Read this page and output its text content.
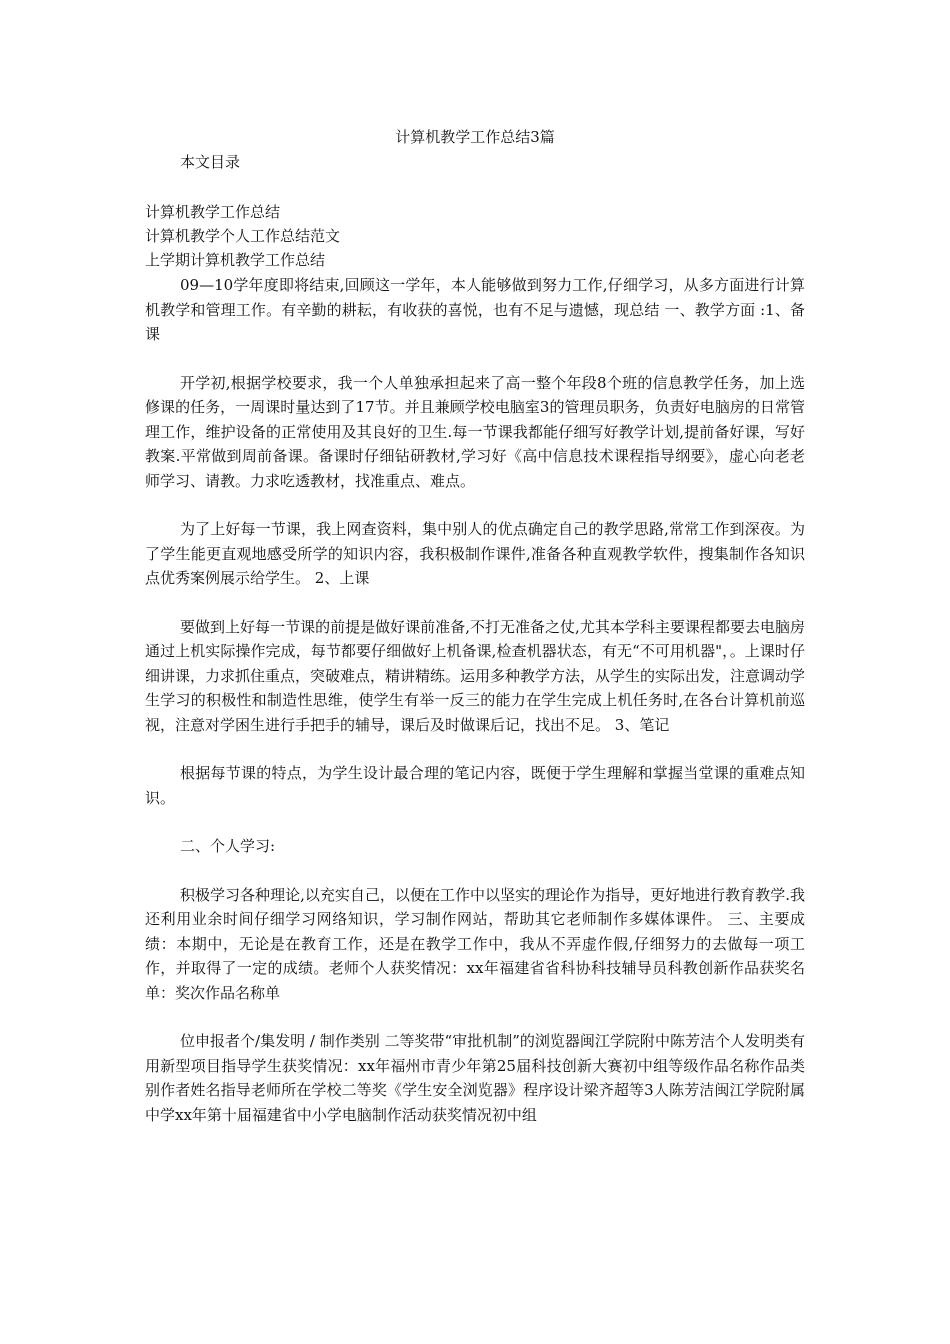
计算机教学工作总结3篇

本文目录

计算机教学工作总结
计算机教学个人工作总结范文
上学期计算机教学工作总结

09—10学年度即将结束,回顾这一学年，本人能够做到努力工作,仔细学习，从多方面进行计算机教学和管理工作。有辛勤的耕耘，有收获的喜悦，也有不足与遗憾，现总结 一、教学方面 :1、备课

开学初,根据学校要求，我一个人单独承担起来了高一整个年段8个班的信息教学任务，加上选修课的任务，一周课时量达到了17节。并且兼顾学校电脑室3的管理员职务，负责好电脑房的日常管理工作，维护设备的正常使用及其良好的卫生.每一节课我都能仔细写好教学计划,提前备好课，写好教案.平常做到周前备课。备课时仔细钻研教材,学习好《高中信息技术课程指导纲要》，虚心向老老师学习、请教。力求吃透教材，找准重点、难点。

为了上好每一节课，我上网查资料，集中别人的优点确定自己的教学思路,常常工作到深夜。为了学生能更直观地感受所学的知识内容，我积极制作课件,准备各种直观教学软件，搜集制作各知识点优秀案例展示给学生。 2、上课

要做到上好每一节课的前提是做好课前准备,不打无准备之仗,尤其本学科主要课程都要去电脑房通过上机实际操作完成，每节都要仔细做好上机备课,检查机器状态，有无“不可用机器"，。上课时仔细讲课，力求抓住重点，突破难点，精讲精练。运用多种教学方法，从学生的实际出发，注意调动学生学习的积极性和制造性思维，使学生有举一反三的能力在学生完成上机任务时,在各台计算机前巡视，注意对学困生进行手把手的辅导，课后及时做课后记，找出不足。 3、笔记

根据每节课的特点，为学生设计最合理的笔记内容，既便于学生理解和掌握当堂课的重难点知识。

二、个人学习:

积极学习各种理论,以充实自己，以便在工作中以坚实的理论作为指导，更好地进行教育教学.我还利用业余时间仔细学习网络知识，学习制作网站，帮助其它老师制作多媒体课件。 三、主要成绩：本期中，无论是在教育工作，还是在教学工作中，我从不弄虚作假,仔细努力的去做每一项工作，并取得了一定的成绩。老师个人获奖情况：xx年福建省省科协科技辅导员科教创新作品获奖名单：奖次作品名称单

位申报者个/集发明 / 制作类别 二等奖带“审批机制”的浏览器闽江学院附中陈芳洁个人发明类有用新型项目指导学生获奖情况：xx年福州市青少年第25届科技创新大赛初中组等级作品名称作品类别作者姓名指导老师所在学校二等奖《学生安全浏览器》程序设计梁齐超等3人陈芳洁闽江学院附属中学xx年第十届福建省中小学电脑制作活动获奖情况初中组
